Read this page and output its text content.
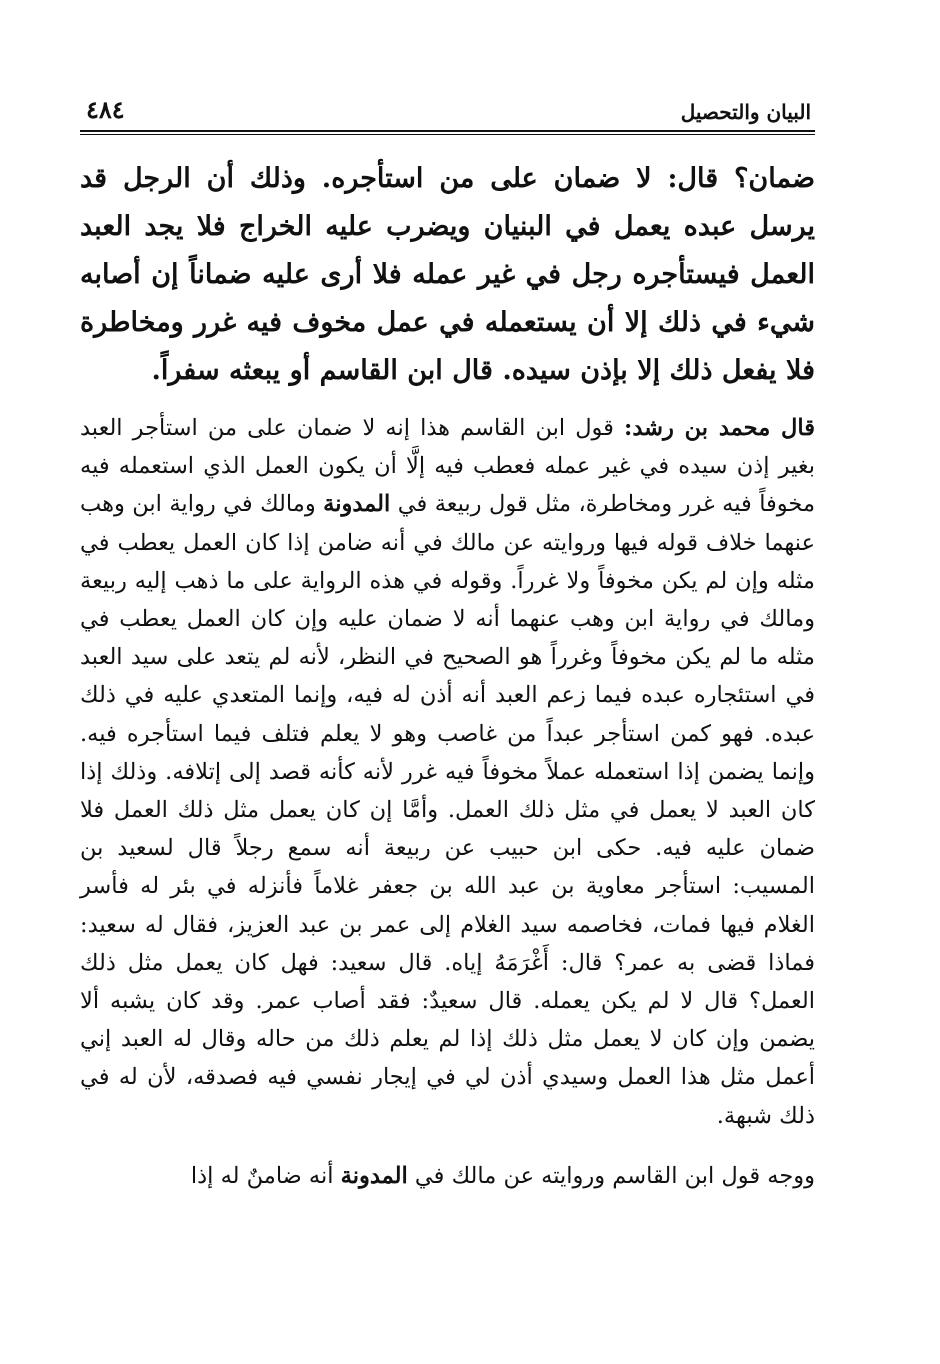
٤٨٤	البيان والتحصيل

ضمان؟ قال: لا ضمان على من استأجره. وذلك أن الرجل قد يرسل عبده يعمل في البنيان ويضرب عليه الخراج فلا يجد العبد العمل فيستأجره رجل في غير عمله فلا أرى عليه ضماناً إن أصابه شيء في ذلك إلا أن يستعمله في عمل مخوف فيه غرر ومخاطرة فلا يفعل ذلك إلا بإذن سيده. قال ابن القاسم أو يبعثه سفراً.

قال محمد بن رشد: قول ابن القاسم هذا إنه لا ضمان على من استأجر العبد بغير إذن سيده في غير عمله فعطب فيه إلَّا أن يكون العمل الذي استعمله فيه مخوفاً فيه غرر ومخاطرة، مثل قول ربيعة في المدونة ومالك في رواية ابن وهب عنهما خلاف قوله فيها وروايته عن مالك في أنه ضامن إذا كان العمل يعطب في مثله وإن لم يكن مخوفاً ولا غرراً. وقوله في هذه الرواية على ما ذهب إليه ربيعة ومالك في رواية ابن وهب عنهما أنه لا ضمان عليه وإن كان العمل يعطب في مثله ما لم يكن مخوفاً وغرراً هو الصحيح في النظر، لأنه لم يتعد على سيد العبد في استئجاره عبده فيما زعم العبد أنه أذن له فيه، وإنما المتعدي عليه في ذلك عبده. فهو كمن استأجر عبداً من غاصب وهو لا يعلم فتلف فيما استأجره فيه. وإنما يضمن إذا استعمله عملاً مخوفاً فيه غرر لأنه كأنه قصد إلى إتلافه. وذلك إذا كان العبد لا يعمل في مثل ذلك العمل. وأمَّا إن كان يعمل مثل ذلك العمل فلا ضمان عليه فيه. حكى ابن حبيب عن ربيعة أنه سمع رجلاً قال لسعيد بن المسيب: استأجر معاوية بن عبد الله بن جعفر غلاماً فأنزله في بئر له فأسر الغلام فيها فمات، فخاصمه سيد الغلام إلى عمر بن عبد العزيز، فقال له سعيد: فماذا قضى به عمر؟ قال: أَغْرَمَهُ إياه. قال سعيد: فهل كان يعمل مثل ذلك العمل؟ قال لا لم يكن يعمله. قال سعيدٌ: فقد أصاب عمر. وقد كان يشبه ألا يضمن وإن كان لا يعمل مثل ذلك إذا لم يعلم ذلك من حاله وقال له العبد إني أعمل مثل هذا العمل وسيدي أذن لي في إيجار نفسي فيه فصدقه، لأن له في ذلك شبهة.

ووجه قول ابن القاسم وروايته عن مالك في المدونة أنه ضامنٌ له إذا
